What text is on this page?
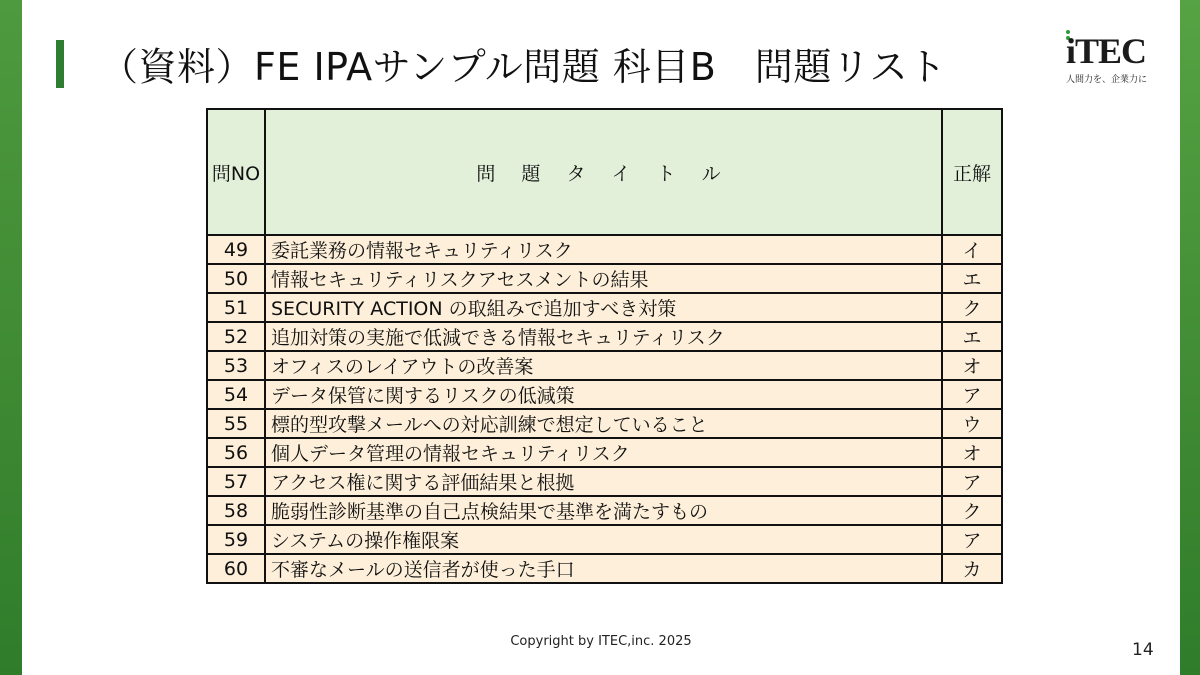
（資料）FE IPAサンプル問題 科目B　問題リスト	iTEC
人間力を、企業力に
問NO	問 題 タ イ ト ル	正解
49	委託業務の情報セキュリティリスク	イ
50	情報セキュリティリスクアセスメントの結果	エ
51	SECURITY ACTION の取組みで追加すべき対策	ク
52	追加対策の実施で低減できる情報セキュリティリスク	エ
53	オフィスのレイアウトの改善案	オ
54	データ保管に関するリスクの低減策	ア
55	標的型攻撃メールへの対応訓練で想定していること	ウ
56	個人データ管理の情報セキュリティリスク	オ
57	アクセス権に関する評価結果と根拠	ア
58	脆弱性診断基準の自己点検結果で基準を満たすもの	ク
59	システムの操作権限案	ア
60	不審なメールの送信者が使った手口	カ
Copyright by ITEC,inc. 2025	14
